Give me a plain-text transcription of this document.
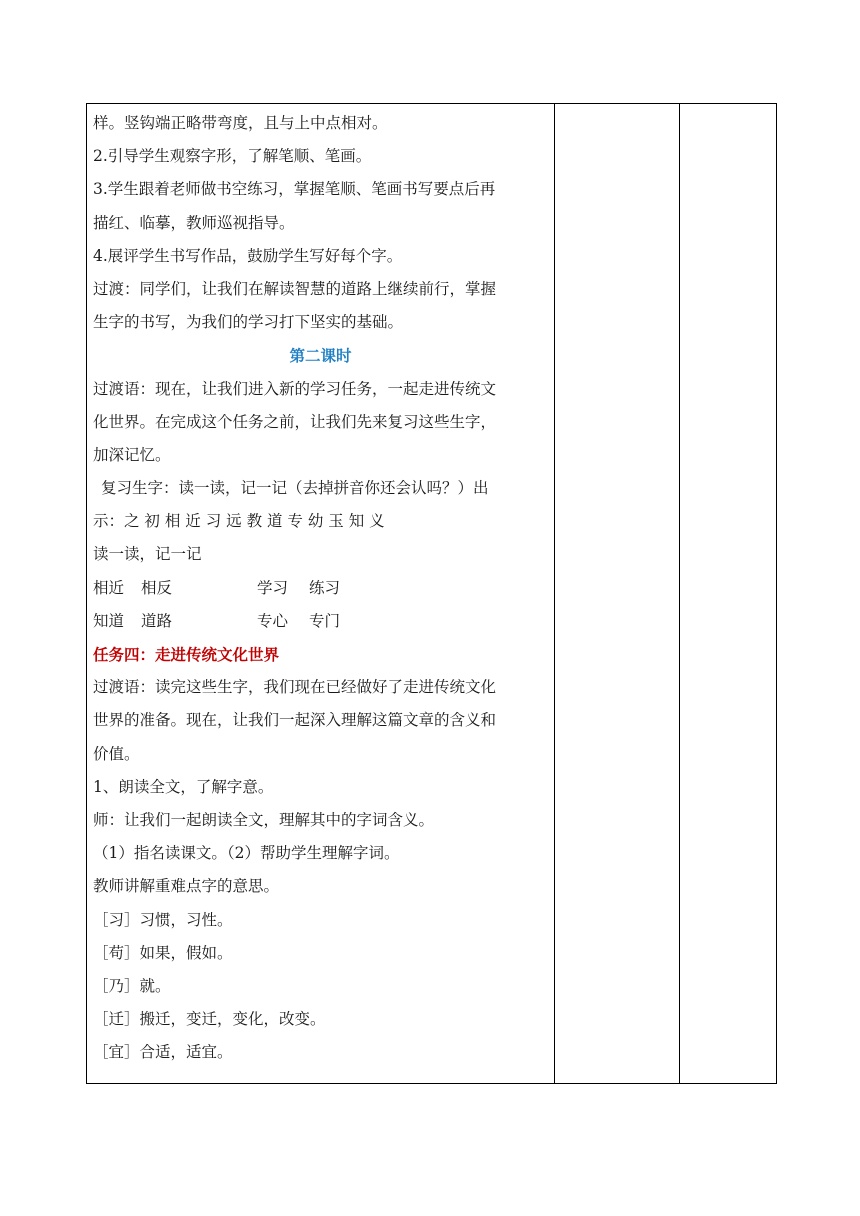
样。竖钩端正略带弯度，且与上中点相对。
2.引导学生观察字形，了解笔顺、笔画。
3.学生跟着老师做书空练习，掌握笔顺、笔画书写要点后再
描红、临摹，教师巡视指导。
4.展评学生书写作品，鼓励学生写好每个字。
过渡：同学们，让我们在解读智慧的道路上继续前行，掌握
生字的书写，为我们的学习打下坚实的基础。
第二课时
过渡语：现在，让我们进入新的学习任务，一起走进传统文
化世界。在完成这个任务之前，让我们先来复习这些生字，
加深记忆。
复习生字：读一读，记一记（去掉拼音你还会认吗？）出
示：之 初 相 近 习 远 教 道 专 幼 玉 知 义
读一读，记一记
相近 相反	学习 练习
知道 道路	专心 专门
任务四：走进传统文化世界
过渡语：读完这些生字，我们现在已经做好了走进传统文化
世界的准备。现在，让我们一起深入理解这篇文章的含义和
价值。
1、朗读全文，了解字意。
师：让我们一起朗读全文，理解其中的字词含义。
（1）指名读课文。（2）帮助学生理解字词。
教师讲解重难点字的意思。
［习］习惯，习性。
［苟］如果，假如。
［乃］就。
［迁］搬迁，变迁，变化，改变。
［宜］合适，适宜。
